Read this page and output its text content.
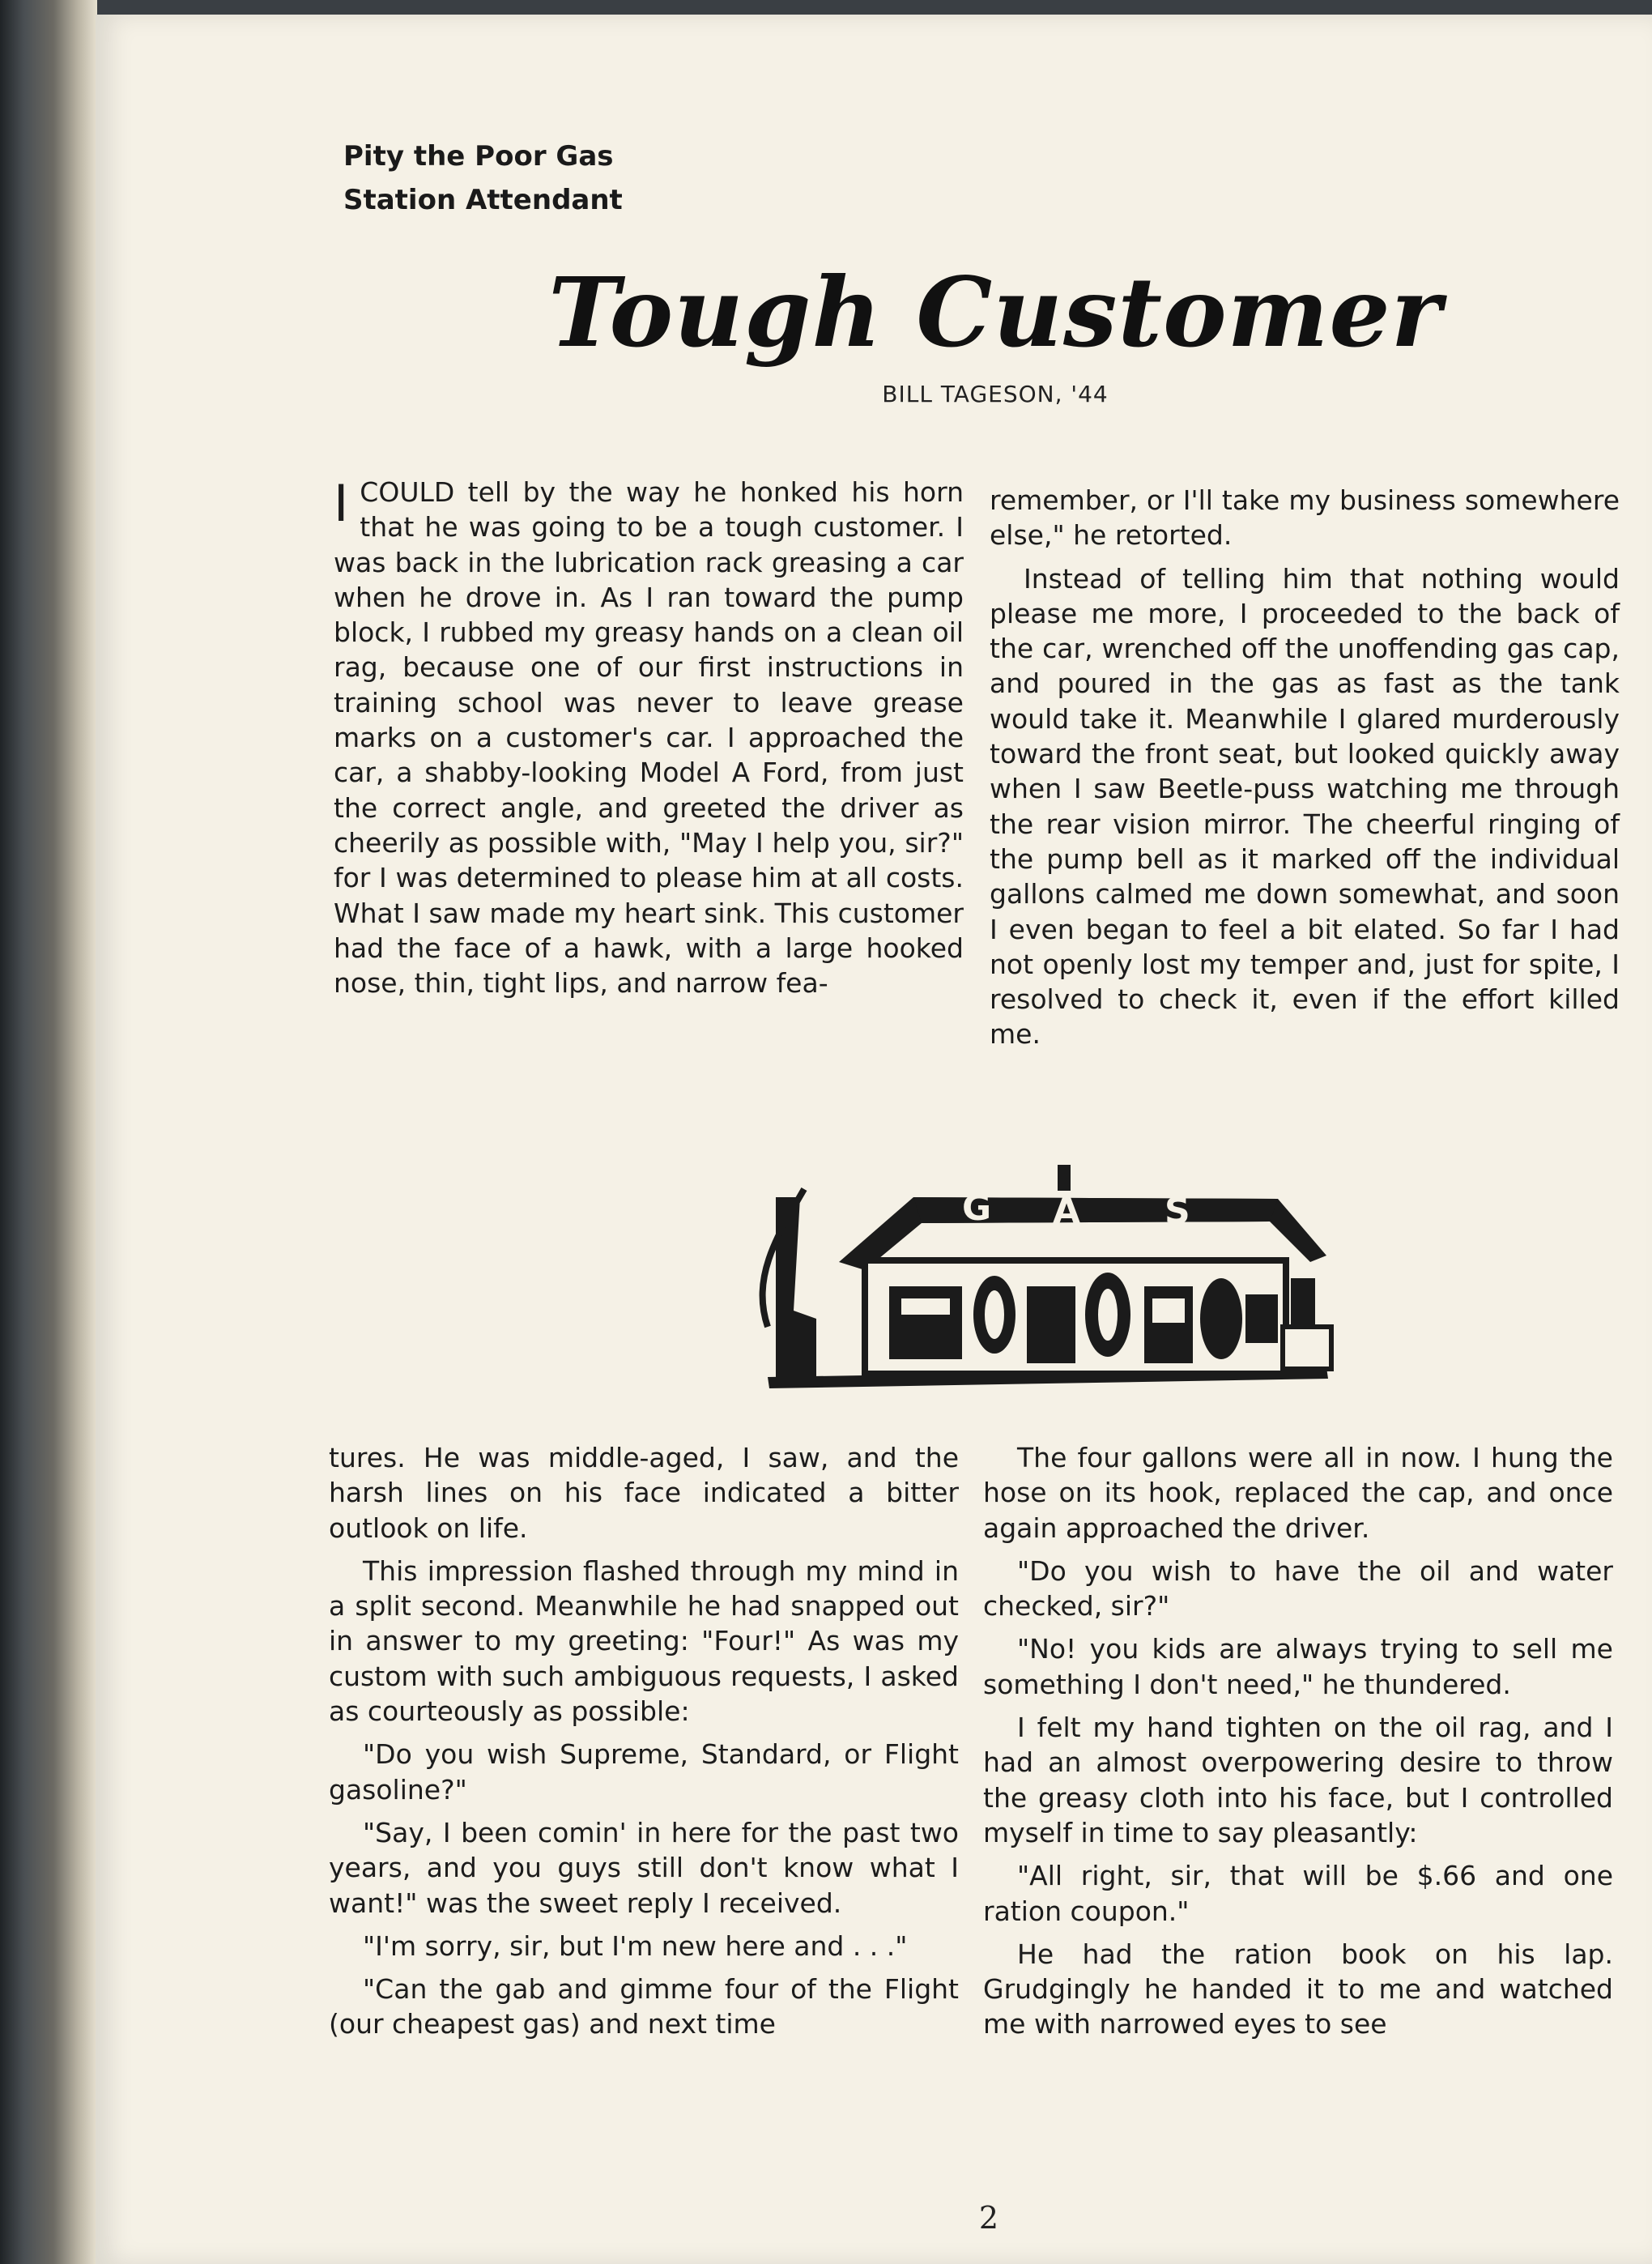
Pity the Poor Gas
Station Attendant
Tough Customer
BILL TAGESON, '44

ICOULD tell by the way he honked his horn that he was going to be a tough customer. I was back in the lubrication rack greasing a car when he drove in. As I ran toward the pump block, I rubbed my greasy hands on a clean oil rag, because one of our first instructions in training school was never to leave grease marks on a customer's car. I approached the car, a shabby-looking Model A Ford, from just the correct angle, and greeted the driver as cheerily as possible with, "May I help you, sir?" for I was determined to please him at all costs. What I saw made my heart sink. This customer had the face of a hawk, with a large hooked nose, thin, tight lips, and narrow fea-

remember, or I'll take my business somewhere else," he retorted.

Instead of telling him that nothing would please me more, I proceeded to the back of the car, wrenched off the unoffending gas cap, and poured in the gas as fast as the tank would take it. Meanwhile I glared murderously toward the front seat, but looked quickly away when I saw Beetle-puss watching me through the rear vision mirror. The cheerful ringing of the pump bell as it marked off the individual gallons calmed me down somewhat, and soon I even began to feel a bit elated. So far I had not openly lost my temper and, just for spite, I resolved to check it, even if the effort killed me.

G A S

tures. He was middle-aged, I saw, and the harsh lines on his face indicated a bitter outlook on life.

This impression flashed through my mind in a split second. Meanwhile he had snapped out in answer to my greeting: "Four!" As was my custom with such ambiguous requests, I asked as courteously as possible:

"Do you wish Supreme, Standard, or Flight gasoline?"

"Say, I been comin' in here for the past two years, and you guys still don't know what I want!" was the sweet reply I received.

"I'm sorry, sir, but I'm new here and . . ."

"Can the gab and gimme four of the Flight (our cheapest gas) and next time

The four gallons were all in now. I hung the hose on its hook, replaced the cap, and once again approached the driver.

"Do you wish to have the oil and water checked, sir?"

"No! you kids are always trying to sell me something I don't need," he thundered.

I felt my hand tighten on the oil rag, and I had an almost overpowering desire to throw the greasy cloth into his face, but I controlled myself in time to say pleasantly:

"All right, sir, that will be $.66 and one ration coupon."

He had the ration book on his lap. Grudgingly he handed it to me and watched me with narrowed eyes to see

2
